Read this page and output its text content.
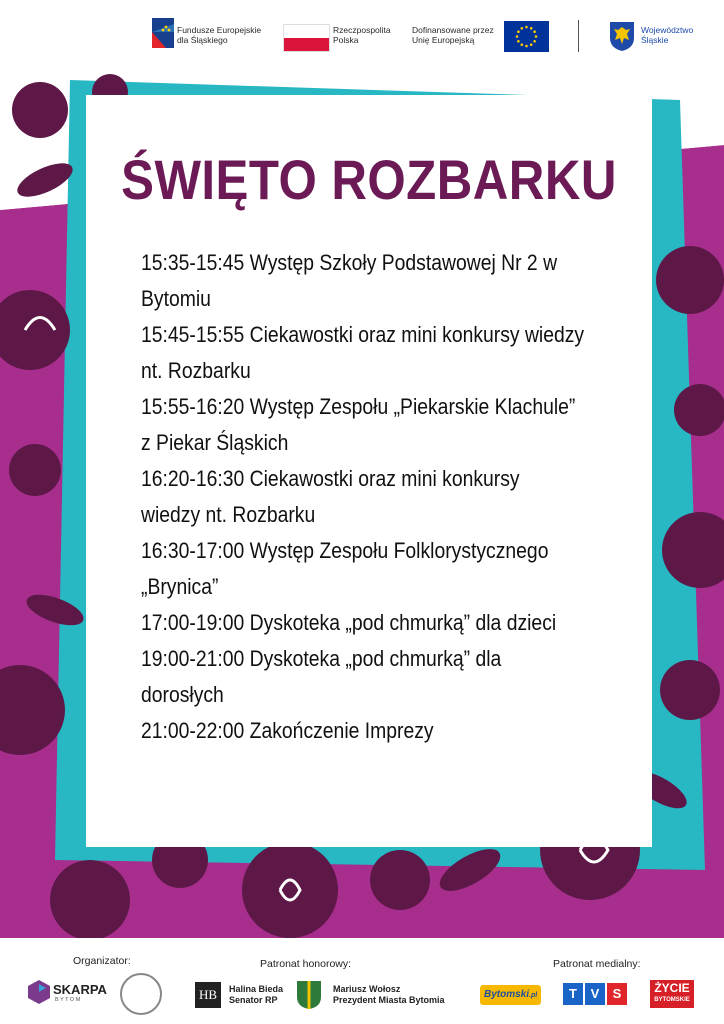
Fundusze Europejskie
dla Śląskiego
Rzeczpospolita
Polska
Dofinansowane przez
Unię Europejską
Województwo
Śląskie
ŚWIĘTO ROZBARKU
15:35-15:45 Występ Szkoły Podstawowej Nr 2 w
Bytomiu
15:45-15:55 Ciekawostki oraz mini konkursy wiedzy
nt. Rozbarku
15:55-16:20 Występ Zespołu „Piekarskie Klachule”
z Piekar Śląskich
16:20-16:30 Ciekawostki oraz mini konkursy
wiedzy nt. Rozbarku
16:30-17:00 Występ Zespołu Folklorystycznego
„Brynica”
17:00-19:00 Dyskoteka „pod chmurką” dla dzieci
19:00-21:00 Dyskoteka „pod chmurką” dla
dorosłych
21:00-22:00 Zakończenie Imprezy
Organizator:
SKARPA
B Y T O M
Patronat honorowy:
HB	Halina Bieda
Senator RP
Mariusz Wołosz
Prezydent Miasta Bytomia
Patronat medialny:
Bytomski.pl	T	V	S	ŻYCIE
BYTOMSKIE
